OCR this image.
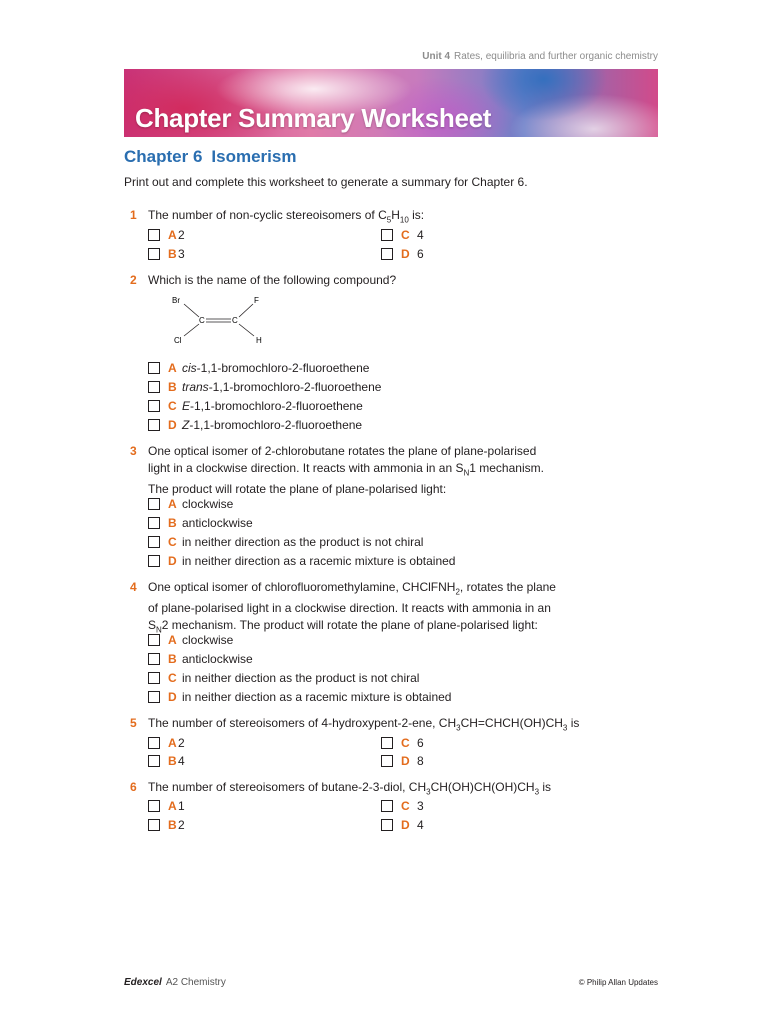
Unit 4 Rates, equilibria and further organic chemistry
Chapter Summary Worksheet
Chapter 6 Isomerism
Print out and complete this worksheet to generate a summary for Chapter 6.
1 The number of non-cyclic stereoisomers of $C_5H_{10}$ is:
A 2
B 3
C 4
D 6
2 Which is the name of the following compound?
Br	F
C	C
Cl	H
A cis-1,1-bromochloro-2-fluoroethene
B trans-1,1-bromochloro-2-fluoroethene
C E-1,1-bromochloro-2-fluoroethene
D Z-1,1-bromochloro-2-fluoroethene
3 One optical isomer of 2-chlorobutane rotates the plane of plane-polarised
light in a clockwise direction. It reacts with ammonia in an $S_N1$ mechanism.
The product will rotate the plane of plane-polarised light:
A clockwise
B anticlockwise
C in neither direction as the product is not chiral
D in neither direction as a racemic mixture is obtained
4 One optical isomer of chlorofluoromethylamine, CHClFNH$_2$, rotates the plane
of plane-polarised light in a clockwise direction. It reacts with ammonia in an
$S_N2$ mechanism. The product will rotate the plane of plane-polarised light:
A clockwise
B anticlockwise
C in neither diection as the product is not chiral
D in neither diection as a racemic mixture is obtained
5 The number of stereoisomers of 4-hydroxypent-2-ene, $CH_3CH=CHCH(OH)CH_3$ is
A 2
B 4
C 6
D 8
6 The number of stereoisomers of butane-2-3-diol, $CH_3CH(OH)CH(OH)CH_3$ is
A 1
B 2
C 3
D 4
Edexcel A2 Chemistry	© Philip Allan Updates
